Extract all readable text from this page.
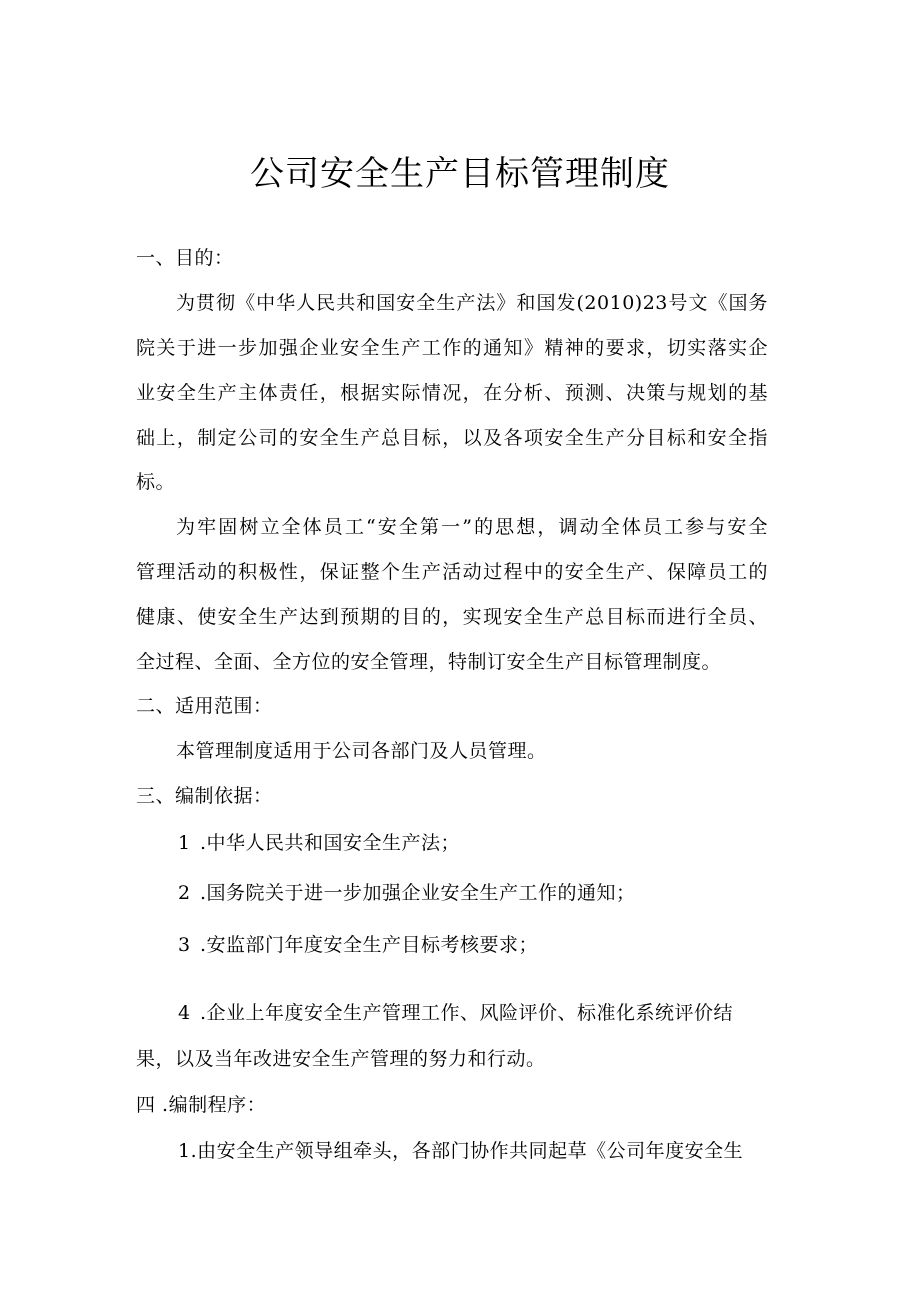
公司安全生产目标管理制度
一、目的：
为贯彻《中华人民共和国安全生产法》和国发(2010)23号文《国务
院关于进一步加强企业安全生产工作的通知》精神的要求，切实落实企
业安全生产主体责任，根据实际情况，在分析、预测、决策与规划的基
础上，制定公司的安全生产总目标，以及各项安全生产分目标和安全指
标。
为牢固树立全体员工“安全第一”的思想，调动全体员工参与安全
管理活动的积极性，保证整个生产活动过程中的安全生产、保障员工的
健康、使安全生产达到预期的目的，实现安全生产总目标而进行全员、
全过程、全面、全方位的安全管理，特制订安全生产目标管理制度。
二、适用范围：
本管理制度适用于公司各部门及人员管理。
三、编制依据：
1 .中华人民共和国安全生产法；
2 .国务院关于进一步加强企业安全生产工作的通知；
3 .安监部门年度安全生产目标考核要求；
4 .企业上年度安全生产管理工作、风险评价、标准化系统评价结
果，以及当年改进安全生产管理的努力和行动。
四 .编制程序：
1.由安全生产领导组牵头，各部门协作共同起草《公司年度安全生
